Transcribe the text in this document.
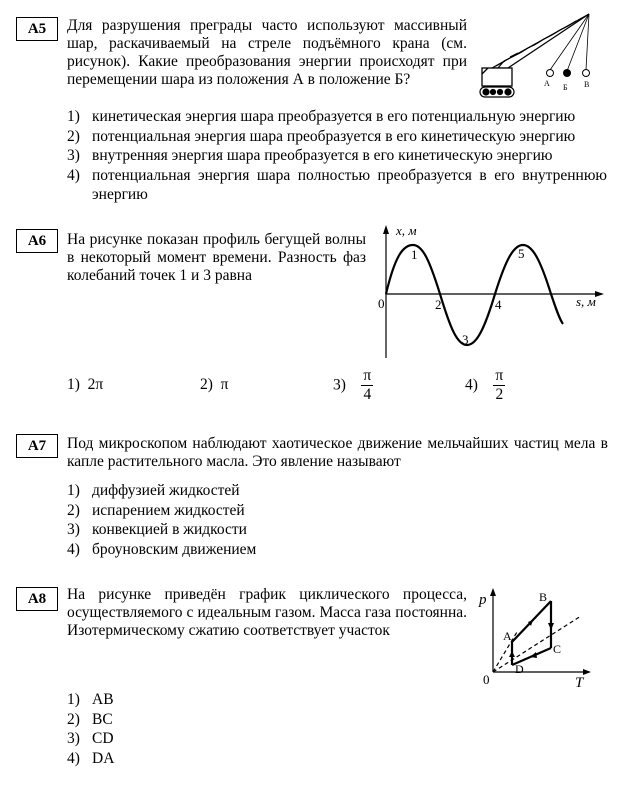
А5	Для разрушения преграды часто используют массивный шар, раскачиваемый на стреле подъёмного крана (см. рисунок). Какие преобразования энергии происходят при перемещении шара из положения А в положение Б?	А Б В
1) кинетическая энергия шара преобразуется в его потенциальную энергию
2) потенциальная энергия шара преобразуется в его кинетическую энергию
3) внутренняя энергия шара преобразуется в его кинетическую энергию
4) потенциальная энергия шара полностью преобразуется в его внутреннюю энергию
А6	На рисунке показан профиль бегущей волны в некоторый момент времени. Разность фаз колебаний точек 1 и 3 равна
x, м
s, м
0
1
2
3
4
5
1) 2π	2) π	$3) \frac{\pi}{4}$	$4) \frac{\pi}{2}$
А7	Под микроскопом наблюдают хаотическое движение мельчайших частиц мела в капле растительного масла. Это явление называют
1) диффузией жидкостей
2) испарением жидкостей
3) конвекцией в жидкости
4) броуновским движением
А8	На рисунке приведён график циклического процесса, осуществляемого с идеальным газом. Масса газа постоянна. Изотермическому сжатию соответствует участок
p
T
0
A
B
C
D
1) AB
2) BC
3) CD
4) DA
